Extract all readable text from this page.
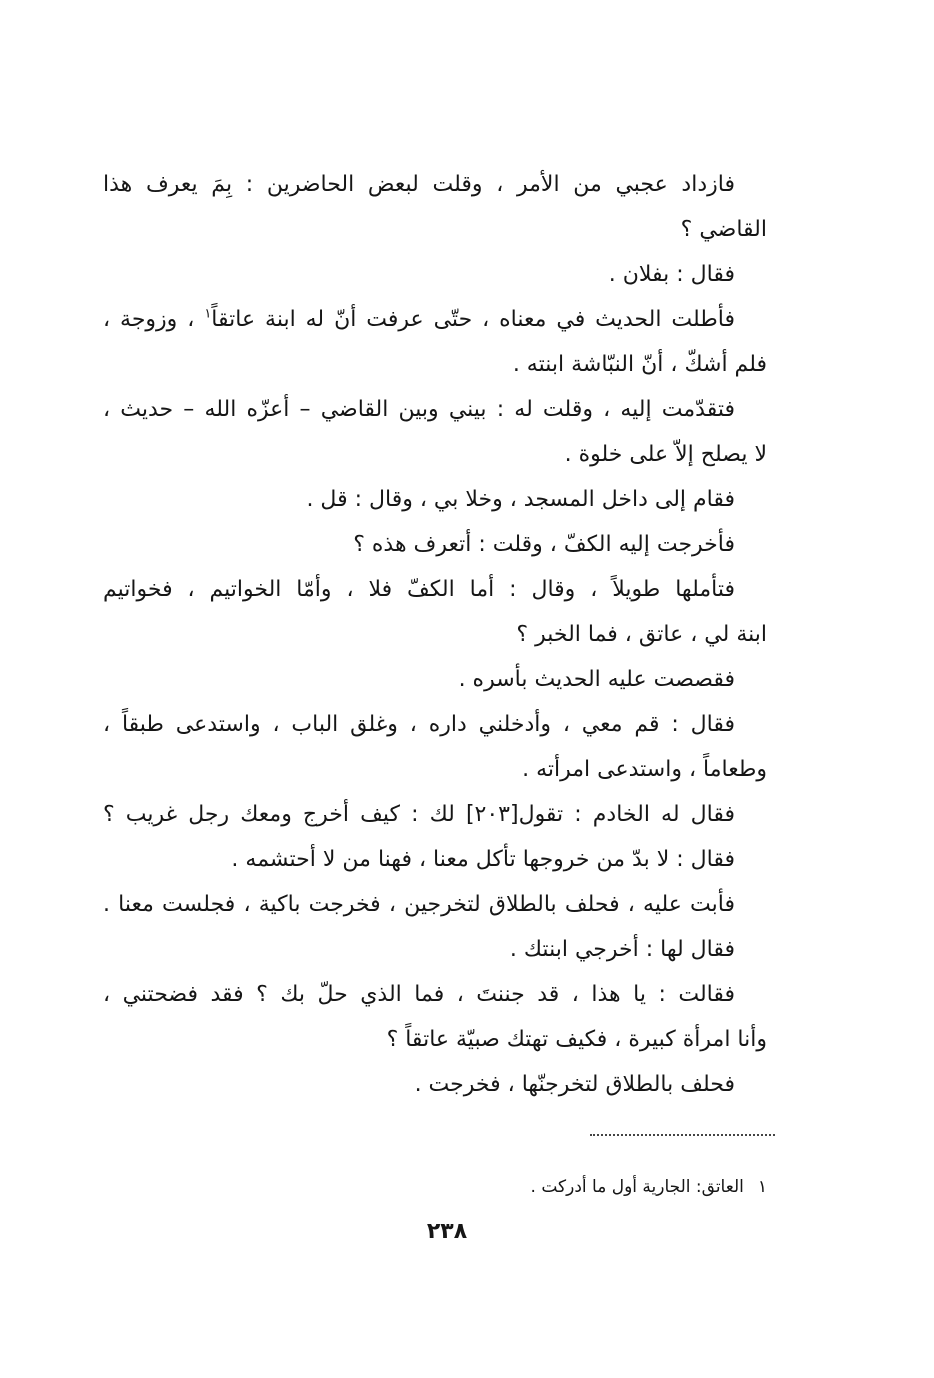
فازداد عجبي من الأمر ، وقلت لبعض الحاضرين : بِمَ يعرف هذا
القاضي ؟
فقال : بفلان .
فأطلت الحديث في معناه ، حتّى عرفت أنّ له ابنة عاتقاً$^١$ ، وزوجة ،
فلم أشكّ ، أنّ النبّاشة ابنته .
فتقدّمت إليه ، وقلت له : بيني وبين القاضي – أعزّه الله – حديث ،
لا يصلح إلاّ على خلوة .
فقام إلى داخل المسجد ، وخلا بي ، وقال : قل .
فأخرجت إليه الكفّ ، وقلت : أتعرف هذه ؟
فتأملها طويلاً ، وقال : أما الكفّ فلا ، وأمّا الخواتيم ، فخواتيم
ابنة لي ، عاتق ، فما الخبر ؟
فقصصت عليه الحديث بأسره .
فقال : قم معي ، وأدخلني داره ، وغلق الباب ، واستدعى طبقاً ،
وطعاماً ، واستدعى امرأته .
فقال له الخادم : تقول[٢٠٣] لك : كيف أخرج ومعك رجل غريب ؟
فقال : لا بدّ من خروجها تأكل معنا ، فهنا من لا أحتشمه .
فأبت عليه ، فحلف بالطلاق لتخرجين ، فخرجت باكية ، فجلست معنا .
فقال لها : أخرجي ابنتك .
فقالت : يا هذا ، قد جننتَ ، فما الذي حلّ بك ؟ فقد فضحتني ،
وأنا امرأة كبيرة ، فكيف تهتك صبيّة عاتقاً ؟
فحلف بالطلاق لتخرجنّها ، فخرجت .
١العاتق: الجارية أول ما أدركت .
٢٣٨
